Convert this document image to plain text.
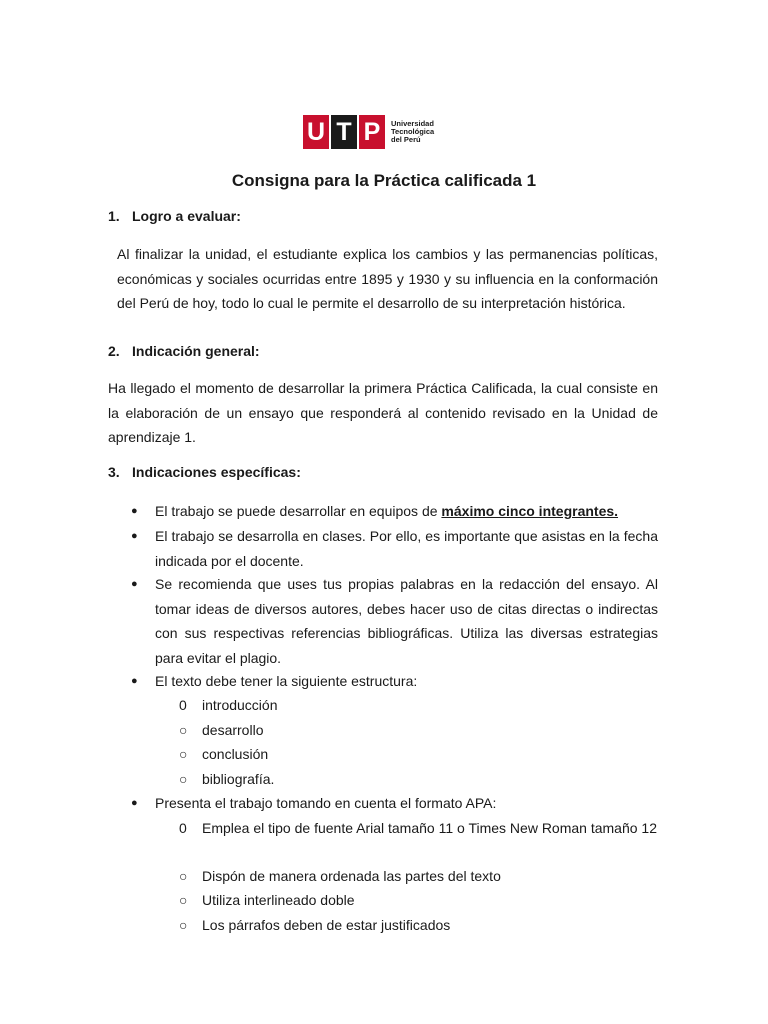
U T P	Universidad
Tecnológica
del Perú
Consigna para la Práctica calificada 1
1. Logro a evaluar:
Al finalizar la unidad, el estudiante explica los cambios y las permanencias políticas, económicas y sociales ocurridas entre 1895 y 1930 y su influencia en la conformación del Perú de hoy, todo lo cual le permite el desarrollo de su interpretación histórica.
2. Indicación general:
Ha llegado el momento de desarrollar la primera Práctica Calificada, la cual consiste en la elaboración de un ensayo que responderá al contenido revisado en la Unidad de aprendizaje 1.
3. Indicaciones específicas:
● El trabajo se puede desarrollar en equipos de máximo cinco integrantes.
● El trabajo se desarrolla en clases. Por ello, es importante que asistas en la fecha indicada por el docente.
● Se recomienda que uses tus propias palabras en la redacción del ensayo. Al tomar ideas de diversos autores, debes hacer uso de citas directas o indirectas con sus respectivas referencias bibliográficas. Utiliza las diversas estrategias para evitar el plagio.
● El texto debe tener la siguiente estructura:
0 introducción
○ desarrollo
○ conclusión
○ bibliografía.
● Presenta el trabajo tomando en cuenta el formato APA:
0 Emplea el tipo de fuente Arial tamaño 11 o Times New Roman tamaño 12
○ Dispón de manera ordenada las partes del texto
○ Utiliza interlineado doble
○ Los párrafos deben de estar justificados
